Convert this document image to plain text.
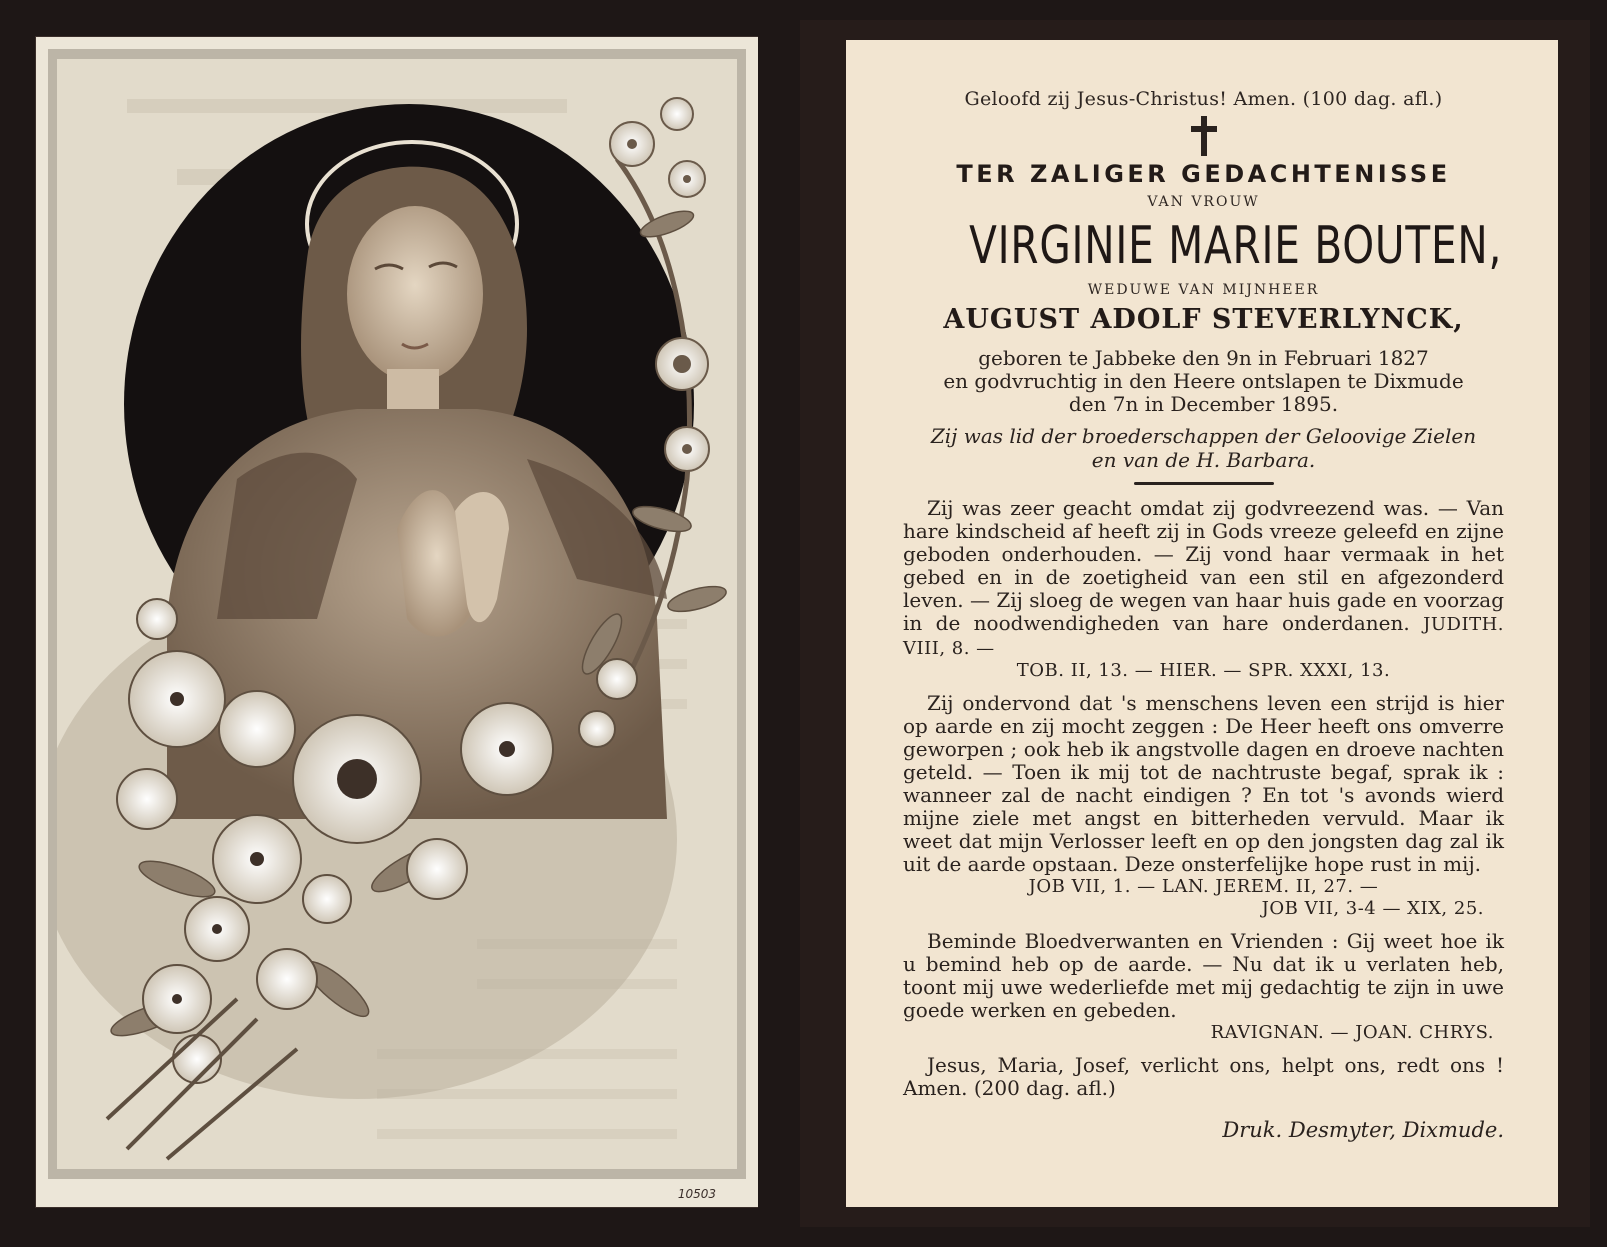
10503

Geloofd zij Jesus-Christus! Amen. (100 dag. afl.)

TER ZALIGER GEDACHTENISSE

VAN VROUW

VIRGINIE MARIE BOUTEN,

WEDUWE VAN MIJNHEER

AUGUST ADOLF STEVERLYNCK,

geboren te Jabbeke den 9n in Februari 1827
en godvruchtig in den Heere ontslapen te Dixmude
den 7n in December 1895.
Zij was lid der broederschappen der Geloovige Zielen
en van de H. Barbara.

Zij was zeer geacht omdat zij godvreezend was. — Van hare kindscheid af heeft zij in Gods vreeze geleefd en zijne geboden onderhouden. — Zij vond haar vermaak in het gebed en in de zoetigheid van een stil en afgezonderd leven. — Zij sloeg de wegen van haar huis gade en voorzag in de noodwendigheden van hare onderdanen. JUDITH. VIII, 8. —

TOB. II, 13. — HIER. — SPR. XXXI, 13.

Zij ondervond dat 's menschens leven een strijd is hier op aarde en zij mocht zeggen : De Heer heeft ons omverre geworpen ; ook heb ik angstvolle dagen en droeve nachten geteld. — Toen ik mij tot de nachtruste begaf, sprak ik : wanneer zal de nacht eindigen ? En tot 's avonds wierd mijne ziele met angst en bitterheden vervuld. Maar ik weet dat mijn Verlosser leeft en op den jongsten dag zal ik uit de aarde opstaan. Deze onsterfelijke hope rust in mij.

JOB VII, 1. — LAN. JEREM. II, 27. —
JOB VII, 3-4 — XIX, 25.

Beminde Bloedverwanten en Vrienden : Gij weet hoe ik u bemind heb op de aarde. — Nu dat ik u verlaten heb, toont mij uwe wederliefde met mij gedachtig te zijn in uwe goede werken en gebeden.

RAVIGNAN. — JOAN. CHRYS.

Jesus, Maria, Josef, verlicht ons, helpt ons, redt ons ! Amen. (200 dag. afl.)

Druk. Desmyter, Dixmude.
